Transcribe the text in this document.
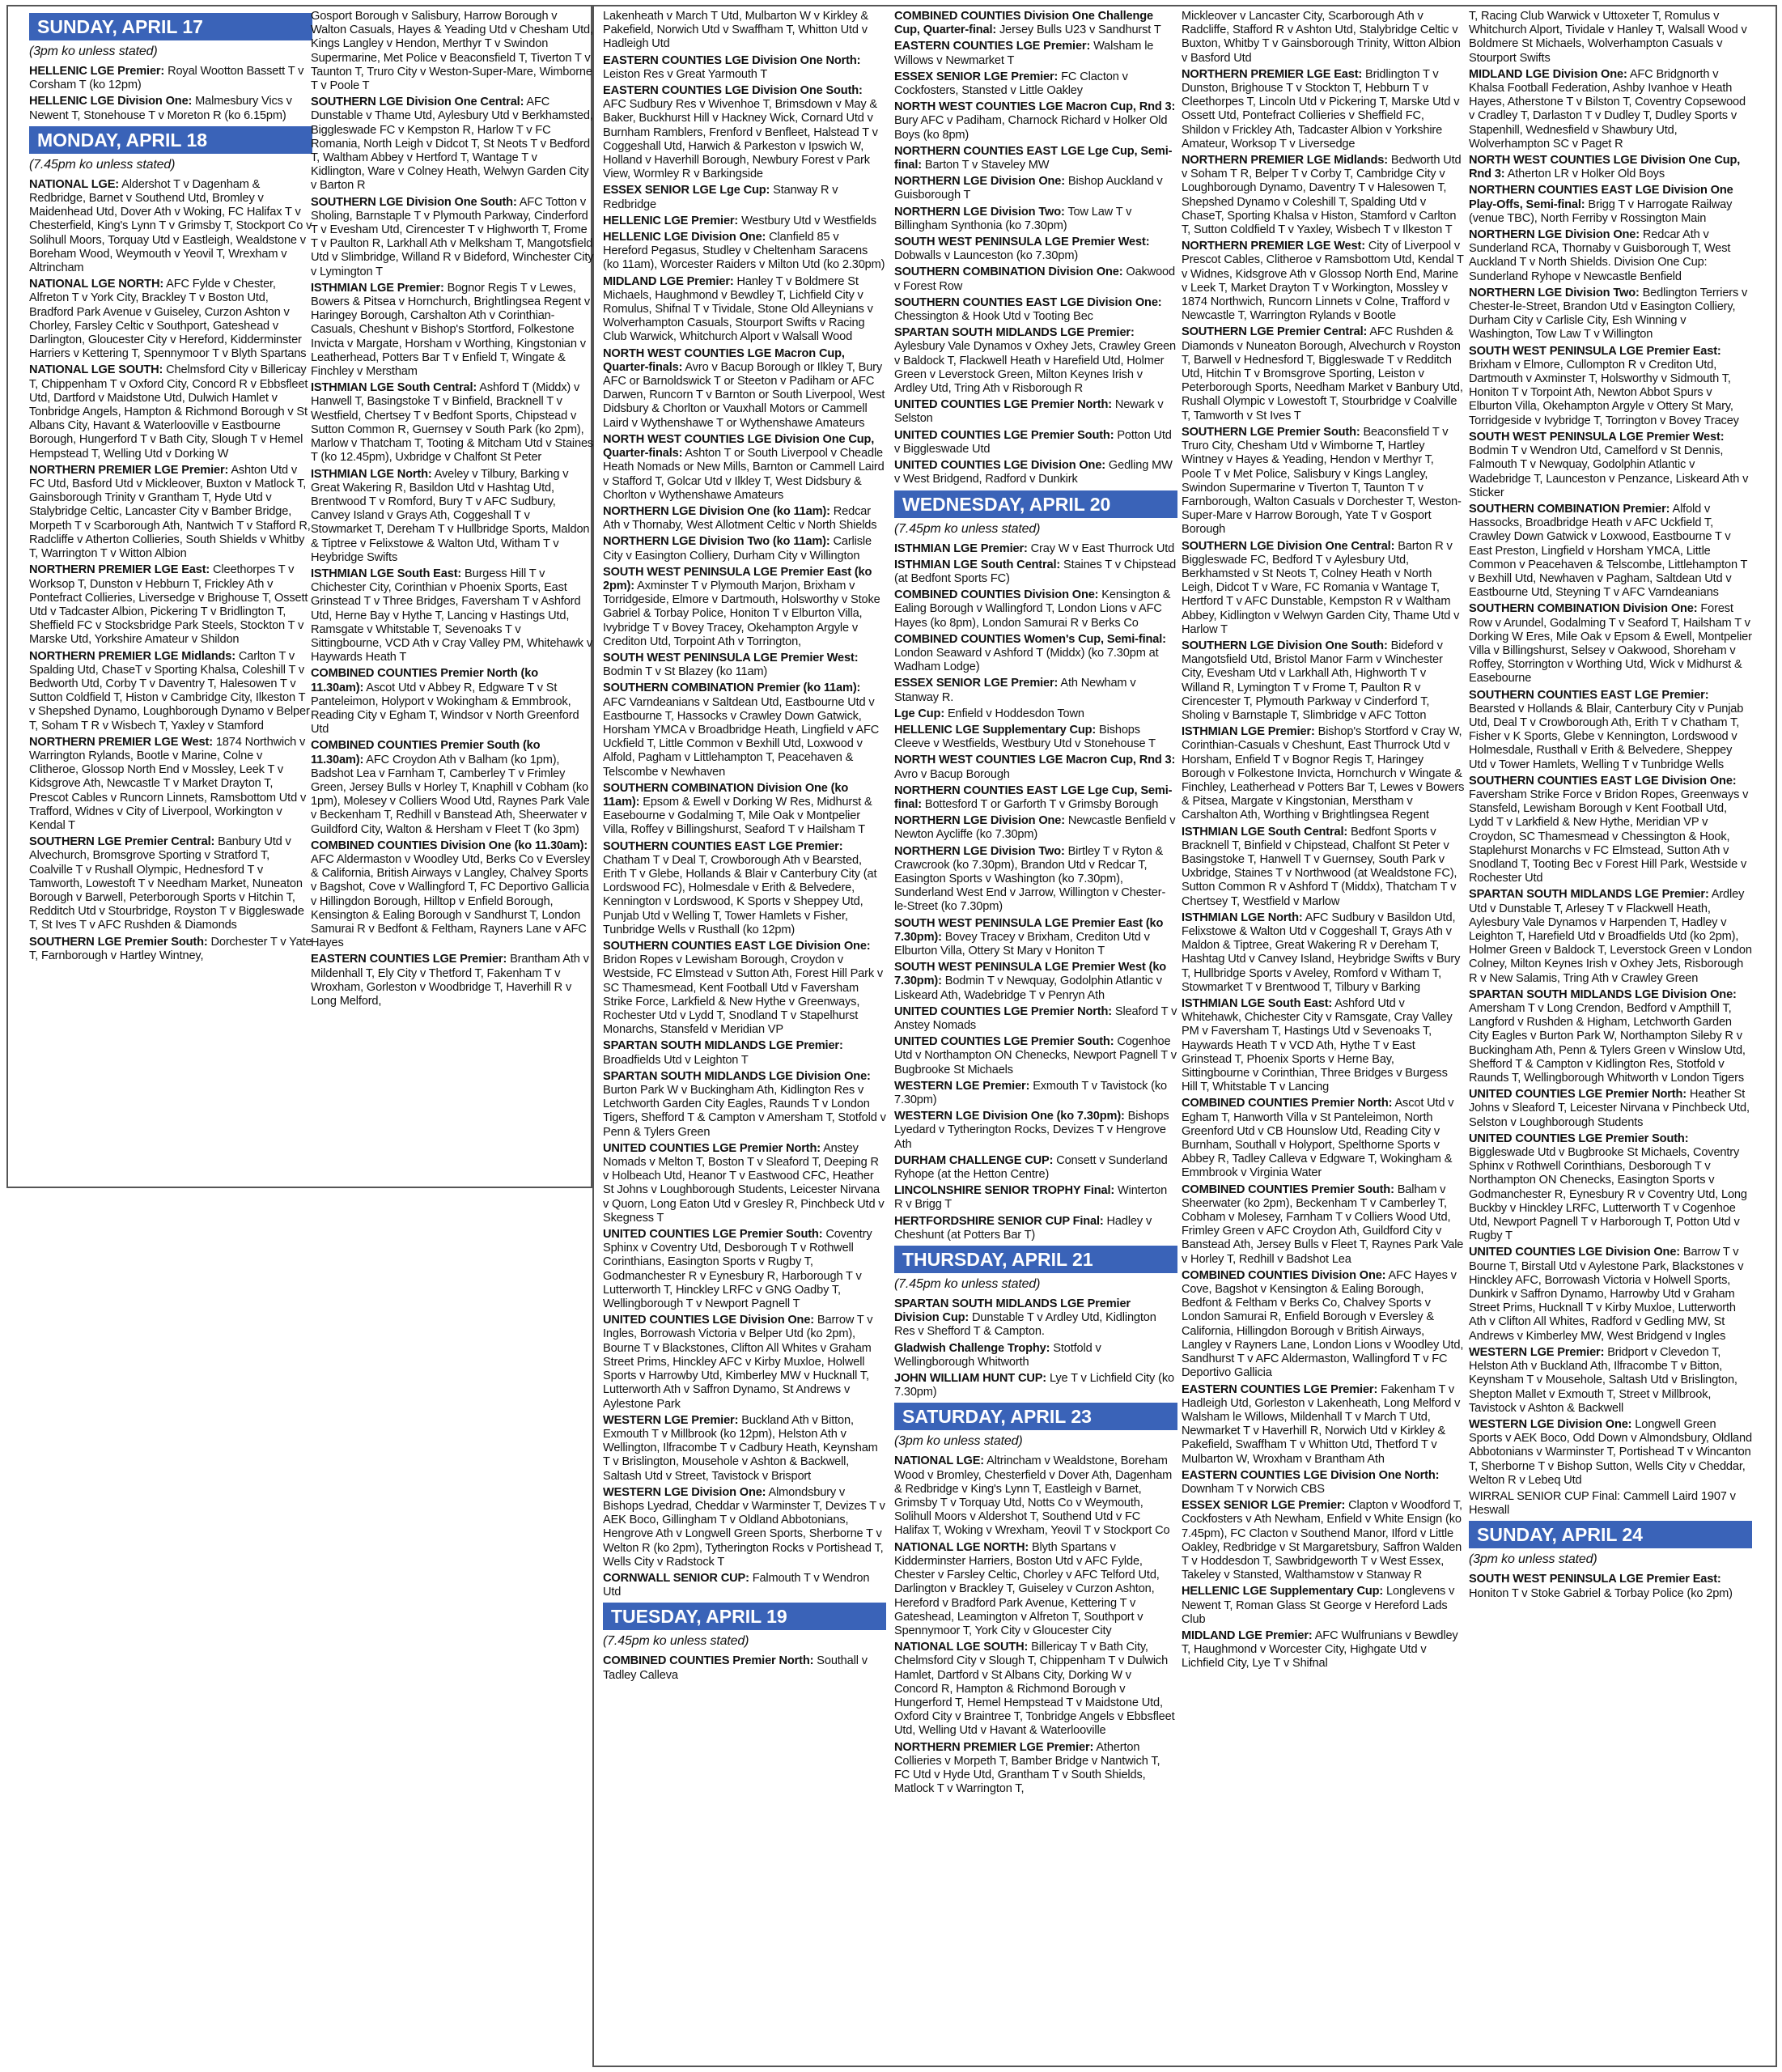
SUNDAY, APRIL 17

(3pm ko unless stated)

HELLENIC LGE Premier: Royal Wootton Bassett T v Corsham T (ko 12pm)

HELLENIC LGE Division One: Malmesbury Vics v Newent T, Stonehouse T v Moreton R (ko 6.15pm)

MONDAY, APRIL 18

(7.45pm ko unless stated)

NATIONAL LGE: Aldershot T v Dagenham & Redbridge, Barnet v Southend Utd, Bromley v Maidenhead Utd, Dover Ath v Woking, FC Halifax T v Chesterfield, King's Lynn T v Grimsby T, Stockport Co v Solihull Moors, Torquay Utd v Eastleigh, Wealdstone v Boreham Wood, Weymouth v Yeovil T, Wrexham v Altrincham

NATIONAL LGE NORTH: AFC Fylde v Chester, Alfreton T v York City, Brackley T v Boston Utd, Bradford Park Avenue v Guiseley, Curzon Ashton v Chorley, Farsley Celtic v Southport, Gateshead v Darlington, Gloucester City v Hereford, Kidderminster Harriers v Kettering T, Spennymoor T v Blyth Spartans

NATIONAL LGE SOUTH: Chelmsford City v Billericay T, Chippenham T v Oxford City, Concord R v Ebbsfleet Utd, Dartford v Maidstone Utd, Dulwich Hamlet v Tonbridge Angels, Hampton & Richmond Borough v St Albans City, Havant & Waterlooville v Eastbourne Borough, Hungerford T v Bath City, Slough T v Hemel Hempstead T, Welling Utd v Dorking W

NORTHERN PREMIER LGE Premier: Ashton Utd v FC Utd, Basford Utd v Mickleover, Buxton v Matlock T, Gainsborough Trinity v Grantham T, Hyde Utd v Stalybridge Celtic, Lancaster City v Bamber Bridge, Morpeth T v Scarborough Ath, Nantwich T v Stafford R, Radcliffe v Atherton Collieries, South Shields v Whitby T, Warrington T v Witton Albion

NORTHERN PREMIER LGE East: Cleethorpes T v Worksop T, Dunston v Hebburn T, Frickley Ath v Pontefract Collieries, Liversedge v Brighouse T, Ossett Utd v Tadcaster Albion, Pickering T v Bridlington T, Sheffield FC v Stocksbridge Park Steels, Stockton T v Marske Utd, Yorkshire Amateur v Shildon

NORTHERN PREMIER LGE Midlands: Carlton T v Spalding Utd, ChaseT v Sporting Khalsa, Coleshill T v Bedworth Utd, Corby T v Daventry T, Halesowen T v Sutton Coldfield T, Histon v Cambridge City, Ilkeston T v Shepshed Dynamo, Loughborough Dynamo v Belper T, Soham T R v Wisbech T, Yaxley v Stamford

NORTHERN PREMIER LGE West: 1874 Northwich v Warrington Rylands, Bootle v Marine, Colne v Clitheroe, Glossop North End v Mossley, Leek T v Kidsgrove Ath, Newcastle T v Market Drayton T, Prescot Cables v Runcorn Linnets, Ramsbottom Utd v Trafford, Widnes v City of Liverpool, Workington v Kendal T

SOUTHERN LGE Premier Central: Banbury Utd v Alvechurch, Bromsgrove Sporting v Stratford T, Coalville T v Rushall Olympic, Hednesford T v Tamworth, Lowestoft T v Needham Market, Nuneaton Borough v Barwell, Peterborough Sports v Hitchin T, Redditch Utd v Stourbridge, Royston T v Biggleswade T, St Ives T v AFC Rushden & Diamonds

SOUTHERN LGE Premier South: Dorchester T v Yate T, Farnborough v Hartley Wintney,

Gosport Borough v Salisbury, Harrow Borough v Walton Casuals, Hayes & Yeading Utd v Chesham Utd, Kings Langley v Hendon, Merthyr T v Swindon Supermarine, Met Police v Beaconsfield T, Tiverton T v Taunton T, Truro City v Weston-Super-Mare, Wimborne T v Poole T

SOUTHERN LGE Division One Central: AFC Dunstable v Thame Utd, Aylesbury Utd v Berkhamsted, Biggleswade FC v Kempston R, Harlow T v FC Romania, North Leigh v Didcot T, St Neots T v Bedford T, Waltham Abbey v Hertford T, Wantage T v Kidlington, Ware v Colney Heath, Welwyn Garden City v Barton R

SOUTHERN LGE Division One South: AFC Totton v Sholing, Barnstaple T v Plymouth Parkway, Cinderford T v Evesham Utd, Cirencester T v Highworth T, Frome T v Paulton R, Larkhall Ath v Melksham T, Mangotsfield Utd v Slimbridge, Willand R v Bideford, Winchester City v Lymington T

ISTHMIAN LGE Premier: Bognor Regis T v Lewes, Bowers & Pitsea v Hornchurch, Brightlingsea Regent v Haringey Borough, Carshalton Ath v Corinthian-Casuals, Cheshunt v Bishop's Stortford, Folkestone Invicta v Margate, Horsham v Worthing, Kingstonian v Leatherhead, Potters Bar T v Enfield T, Wingate & Finchley v Merstham

ISTHMIAN LGE South Central: Ashford T (Middx) v Hanwell T, Basingstoke T v Binfield, Bracknell T v Westfield, Chertsey T v Bedfont Sports, Chipstead v Sutton Common R, Guernsey v South Park (ko 2pm), Marlow v Thatcham T, Tooting & Mitcham Utd v Staines T (ko 12.45pm), Uxbridge v Chalfont St Peter

ISTHMIAN LGE North: Aveley v Tilbury, Barking v Great Wakering R, Basildon Utd v Hashtag Utd, Brentwood T v Romford, Bury T v AFC Sudbury, Canvey Island v Grays Ath, Coggeshall T v Stowmarket T, Dereham T v Hullbridge Sports, Maldon & Tiptree v Felixstowe & Walton Utd, Witham T v Heybridge Swifts

ISTHMIAN LGE South East: Burgess Hill T v Chichester City, Corinthian v Phoenix Sports, East Grinstead T v Three Bridges, Faversham T v Ashford Utd, Herne Bay v Hythe T, Lancing v Hastings Utd, Ramsgate v Whitstable T, Sevenoaks T v Sittingbourne, VCD Ath v Cray Valley PM, Whitehawk v Haywards Heath T

COMBINED COUNTIES Premier North (ko 11.30am): Ascot Utd v Abbey R, Edgware T v St Panteleimon, Holyport v Wokingham & Emmbrook, Reading City v Egham T, Windsor v North Greenford Utd

COMBINED COUNTIES Premier South (ko 11.30am): AFC Croydon Ath v Balham (ko 1pm), Badshot Lea v Farnham T, Camberley T v Frimley Green, Jersey Bulls v Horley T, Knaphill v Cobham (ko 1pm), Molesey v Colliers Wood Utd, Raynes Park Vale v Beckenham T, Redhill v Banstead Ath, Sheerwater v Guildford City, Walton & Hersham v Fleet T (ko 3pm)

COMBINED COUNTIES Division One (ko 11.30am): AFC Aldermaston v Woodley Utd, Berks Co v Eversley & California, British Airways v Langley, Chalvey Sports v Bagshot, Cove v Wallingford T, FC Deportivo Gallicia v Hillingdon Borough, Hilltop v Enfield Borough, Kensington & Ealing Borough v Sandhurst T, London Samurai R v Bedfont & Feltham, Rayners Lane v AFC Hayes

EASTERN COUNTIES LGE Premier: Brantham Ath v Mildenhall T, Ely City v Thetford T, Fakenham T v Wroxham, Gorleston v Woodbridge T, Haverhill R v Long Melford,

Lakenheath v March T Utd, Mulbarton W v Kirkley & Pakefield, Norwich Utd v Swaffham T, Whitton Utd v Hadleigh Utd

EASTERN COUNTIES LGE Division One North: Leiston Res v Great Yarmouth T

EASTERN COUNTIES LGE Division One South: AFC Sudbury Res v Wivenhoe T, Brimsdown v May & Baker, Buckhurst Hill v Hackney Wick, Cornard Utd v Burnham Ramblers, Frenford v Benfleet, Halstead T v Coggeshall Utd, Harwich & Parkeston v Ipswich W, Holland v Haverhill Borough, Newbury Forest v Park View, Wormley R v Barkingside

ESSEX SENIOR LGE Lge Cup: Stanway R v Redbridge

HELLENIC LGE Premier: Westbury Utd v Westfields

HELLENIC LGE Division One: Clanfield 85 v Hereford Pegasus, Studley v Cheltenham Saracens (ko 11am), Worcester Raiders v Milton Utd (ko 2.30pm)

MIDLAND LGE Premier: Hanley T v Boldmere St Michaels, Haughmond v Bewdley T, Lichfield City v Romulus, Shifnal T v Tividale, Stone Old Alleynians v Wolverhampton Casuals, Stourport Swifts v Racing Club Warwick, Whitchurch Alport v Walsall Wood

NORTH WEST COUNTIES LGE Macron Cup, Quarter-finals: Avro v Bacup Borough or Ilkley T, Bury AFC or Barnoldswick T or Steeton v Padiham or AFC Darwen, Runcorn T v Barnton or South Liverpool, West Didsbury & Chorlton or Vauxhall Motors or Cammell Laird v Wythenshawe T or Wythenshawe Amateurs

NORTH WEST COUNTIES LGE Division One Cup, Quarter-finals: Ashton T or South Liverpool v Cheadle Heath Nomads or New Mills, Barnton or Cammell Laird v Stafford T, Golcar Utd v Ilkley T, West Didsbury & Chorlton v Wythenshawe Amateurs

NORTHERN LGE Division One (ko 11am): Redcar Ath v Thornaby, West Allotment Celtic v North Shields

NORTHERN LGE Division Two (ko 11am): Carlisle City v Easington Colliery, Durham City v Willington

SOUTH WEST PENINSULA LGE Premier East (ko 2pm): Axminster T v Plymouth Marjon, Brixham v Torridgeside, Elmore v Dartmouth, Holsworthy v Stoke Gabriel & Torbay Police, Honiton T v Elburton Villa, Ivybridge T v Bovey Tracey, Okehampton Argyle v Crediton Utd, Torpoint Ath v Torrington,

SOUTH WEST PENINSULA LGE Premier West: Bodmin T v St Blazey (ko 11am)

SOUTHERN COMBINATION Premier (ko 11am): AFC Varndeanians v Saltdean Utd, Eastbourne Utd v Eastbourne T, Hassocks v Crawley Down Gatwick, Horsham YMCA v Broadbridge Heath, Lingfield v AFC Uckfield T, Little Common v Bexhill Utd, Loxwood v Alfold, Pagham v Littlehampton T, Peacehaven & Telscombe v Newhaven

SOUTHERN COMBINATION Division One (ko 11am): Epsom & Ewell v Dorking W Res, Midhurst & Easebourne v Godalming T, Mile Oak v Montpelier Villa, Roffey v Billingshurst, Seaford T v Hailsham T

SOUTHERN COUNTIES EAST LGE Premier: Chatham T v Deal T, Crowborough Ath v Bearsted, Erith T v Glebe, Hollands & Blair v Canterbury City (at Lordswood FC), Holmesdale v Erith & Belvedere, Kennington v Lordswood, K Sports v Sheppey Utd, Punjab Utd v Welling T, Tower Hamlets v Fisher, Tunbridge Wells v Rusthall (ko 12pm)

SOUTHERN COUNTIES EAST LGE Division One: Bridon Ropes v Lewisham Borough, Croydon v Westside, FC Elmstead v Sutton Ath, Forest Hill Park v SC Thamesmead, Kent Football Utd v Faversham Strike Force, Larkfield & New Hythe v Greenways, Rochester Utd v Lydd T, Snodland T v Stapelhurst Monarchs, Stansfeld v Meridian VP

SPARTAN SOUTH MIDLANDS LGE Premier: Broadfields Utd v Leighton T

SPARTAN SOUTH MIDLANDS LGE Division One: Burton Park W v Buckingham Ath, Kidlington Res v Letchworth Garden City Eagles, Raunds T v London Tigers, Shefford T & Campton v Amersham T, Stotfold v Penn & Tylers Green

UNITED COUNTIES LGE Premier North: Anstey Nomads v Melton T, Boston T v Sleaford T, Deeping R v Holbeach Utd, Heanor T v Eastwood CFC, Heather St Johns v Loughborough Students, Leicester Nirvana v Quorn, Long Eaton Utd v Gresley R, Pinchbeck Utd v Skegness T

UNITED COUNTIES LGE Premier South: Coventry Sphinx v Coventry Utd, Desborough T v Rothwell Corinthians, Easington Sports v Rugby T, Godmanchester R v Eynesbury R, Harborough T v Lutterworth T, Hinckley LRFC v GNG Oadby T, Wellingborough T v Newport Pagnell T

UNITED COUNTIES LGE Division One: Barrow T v Ingles, Borrowash Victoria v Belper Utd (ko 2pm), Bourne T v Blackstones, Clifton All Whites v Graham Street Prims, Hinckley AFC v Kirby Muxloe, Holwell Sports v Harrowby Utd, Kimberley MW v Hucknall T, Lutterworth Ath v Saffron Dynamo, St Andrews v Aylestone Park

WESTERN LGE Premier: Buckland Ath v Bitton, Exmouth T v Millbrook (ko 12pm), Helston Ath v Wellington, Ilfracombe T v Cadbury Heath, Keynsham T v Brislington, Mousehole v Ashton & Backwell, Saltash Utd v Street, Tavistock v Brisport

WESTERN LGE Division One: Almondsbury v Bishops Lyedrad, Cheddar v Warminster T, Devizes T v AEK Boco, Gillingham T v Oldland Abbotonians, Hengrove Ath v Longwell Green Sports, Sherborne T v Welton R (ko 2pm), Tytherington Rocks v Portishead T, Wells City v Radstock T

CORNWALL SENIOR CUP: Falmouth T v Wendron Utd

TUESDAY, APRIL 19

(7.45pm ko unless stated)

COMBINED COUNTIES Premier North: Southall v Tadley Calleva

COMBINED COUNTIES Division One Challenge Cup, Quarter-final: Jersey Bulls U23 v Sandhurst T

EASTERN COUNTIES LGE Premier: Walsham le Willows v Newmarket T

ESSEX SENIOR LGE Premier: FC Clacton v Cockfosters, Stansted v Little Oakley

NORTH WEST COUNTIES LGE Macron Cup, Rnd 3: Bury AFC v Padiham, Charnock Richard v Holker Old Boys (ko 8pm)

NORTHERN COUNTIES EAST LGE Lge Cup, Semi-final: Barton T v Staveley MW

NORTHERN LGE Division One: Bishop Auckland v Guisborough T

NORTHERN LGE Division Two: Tow Law T v Billingham Synthonia (ko 7.30pm)

SOUTH WEST PENINSULA LGE Premier West: Dobwalls v Launceston (ko 7.30pm)

SOUTHERN COMBINATION Division One: Oakwood v Forest Row

SOUTHERN COUNTIES EAST LGE Division One: Chessington & Hook Utd v Tooting Bec

SPARTAN SOUTH MIDLANDS LGE Premier: Aylesbury Vale Dynamos v Oxhey Jets, Crawley Green v Baldock T, Flackwell Heath v Harefield Utd, Holmer Green v Leverstock Green, Milton Keynes Irish v Ardley Utd, Tring Ath v Risborough R

UNITED COUNTIES LGE Premier North: Newark v Selston

UNITED COUNTIES LGE Premier South: Potton Utd v Biggleswade Utd

UNITED COUNTIES LGE Division One: Gedling MW v West Bridgend, Radford v Dunkirk

WEDNESDAY, APRIL 20

(7.45pm ko unless stated)

ISTHMIAN LGE Premier: Cray W v East Thurrock Utd

ISTHMIAN LGE South Central: Staines T v Chipstead (at Bedfont Sports FC)

COMBINED COUNTIES Division One: Kensington & Ealing Borough v Wallingford T, London Lions v AFC Hayes (ko 8pm), London Samurai R v Berks Co

COMBINED COUNTIES Women's Cup, Semi-final: London Seaward v Ashford T (Middx) (ko 7.30pm at Wadham Lodge)

ESSEX SENIOR LGE Premier: Ath Newham v Stanway R.

Lge Cup: Enfield v Hoddesdon Town

HELLENIC LGE Supplementary Cup: Bishops Cleeve v Westfields, Westbury Utd v Stonehouse T

NORTH WEST COUNTIES LGE Macron Cup, Rnd 3: Avro v Bacup Borough

NORTHERN COUNTIES EAST LGE Lge Cup, Semi-final: Bottesford T or Garforth T v Grimsby Borough

NORTHERN LGE Division One: Newcastle Benfield v Newton Aycliffe (ko 7.30pm)

NORTHERN LGE Division Two: Birtley T v Ryton & Crawcrook (ko 7.30pm), Brandon Utd v Redcar T, Easington Sports v Washington (ko 7.30pm), Sunderland West End v Jarrow, Willington v Chester-le-Street (ko 7.30pm)

SOUTH WEST PENINSULA LGE Premier East (ko 7.30pm): Bovey Tracey v Brixham, Crediton Utd v Elburton Villa, Ottery St Mary v Honiton T

SOUTH WEST PENINSULA LGE Premier West (ko 7.30pm): Bodmin T v Newquay, Godolphin Atlantic v Liskeard Ath, Wadebridge T v Penryn Ath

UNITED COUNTIES LGE Premier North: Sleaford T v Anstey Nomads

UNITED COUNTIES LGE Premier South: Cogenhoe Utd v Northampton ON Chenecks, Newport Pagnell T v Bugbrooke St Michaels

WESTERN LGE Premier: Exmouth T v Tavistock (ko 7.30pm)

WESTERN LGE Division One (ko 7.30pm): Bishops Lyedard v Tytherington Rocks, Devizes T v Hengrove Ath

DURHAM CHALLENGE CUP: Consett v Sunderland Ryhope (at the Hetton Centre)

LINCOLNSHIRE SENIOR TROPHY Final: Winterton R v Brigg T

HERTFORDSHIRE SENIOR CUP Final: Hadley v Cheshunt (at Potters Bar T)

THURSDAY, APRIL 21

(7.45pm ko unless stated)

SPARTAN SOUTH MIDLANDS LGE Premier Division Cup: Dunstable T v Ardley Utd, Kidlington Res v Shefford T & Campton.

Gladwish Challenge Trophy: Stotfold v Wellingborough Whitworth

JOHN WILLIAM HUNT CUP: Lye T v Lichfield City (ko 7.30pm)

SATURDAY, APRIL 23

(3pm ko unless stated)

NATIONAL LGE: Altrincham v Wealdstone, Boreham Wood v Bromley, Chesterfield v Dover Ath, Dagenham & Redbridge v King's Lynn T, Eastleigh v Barnet, Grimsby T v Torquay Utd, Notts Co v Weymouth, Solihull Moors v Aldershot T, Southend Utd v FC Halifax T, Woking v Wrexham, Yeovil T v Stockport Co

NATIONAL LGE NORTH: Blyth Spartans v Kidderminster Harriers, Boston Utd v AFC Fylde, Chester v Farsley Celtic, Chorley v AFC Telford Utd, Darlington v Brackley T, Guiseley v Curzon Ashton, Hereford v Bradford Park Avenue, Kettering T v Gateshead, Leamington v Alfreton T, Southport v Spennymoor T, York City v Gloucester City

NATIONAL LGE SOUTH: Billericay T v Bath City, Chelmsford City v Slough T, Chippenham T v Dulwich Hamlet, Dartford v St Albans City, Dorking W v Concord R, Hampton & Richmond Borough v Hungerford T, Hemel Hempstead T v Maidstone Utd, Oxford City v Braintree T, Tonbridge Angels v Ebbsfleet Utd, Welling Utd v Havant & Waterlooville

NORTHERN PREMIER LGE Premier: Atherton Collieries v Morpeth T, Bamber Bridge v Nantwich T, FC Utd v Hyde Utd, Grantham T v South Shields, Matlock T v Warrington T,

Mickleover v Lancaster City, Scarborough Ath v Radcliffe, Stafford R v Ashton Utd, Stalybridge Celtic v Buxton, Whitby T v Gainsborough Trinity, Witton Albion v Basford Utd

NORTHERN PREMIER LGE East: Bridlington T v Dunston, Brighouse T v Stockton T, Hebburn T v Cleethorpes T, Lincoln Utd v Pickering T, Marske Utd v Ossett Utd, Pontefract Collieries v Sheffield FC, Shildon v Frickley Ath, Tadcaster Albion v Yorkshire Amateur, Worksop T v Liversedge

NORTHERN PREMIER LGE Midlands: Bedworth Utd v Soham T R, Belper T v Corby T, Cambridge City v Loughborough Dynamo, Daventry T v Halesowen T, Shepshed Dynamo v Coleshill T, Spalding Utd v ChaseT, Sporting Khalsa v Histon, Stamford v Carlton T, Sutton Coldfield T v Yaxley, Wisbech T v Ilkeston T

NORTHERN PREMIER LGE West: City of Liverpool v Prescot Cables, Clitheroe v Ramsbottom Utd, Kendal T v Widnes, Kidsgrove Ath v Glossop North End, Marine v Leek T, Market Drayton T v Workington, Mossley v 1874 Northwich, Runcorn Linnets v Colne, Trafford v Newcastle T, Warrington Rylands v Bootle

SOUTHERN LGE Premier Central: AFC Rushden & Diamonds v Nuneaton Borough, Alvechurch v Royston T, Barwell v Hednesford T, Biggleswade T v Redditch Utd, Hitchin T v Bromsgrove Sporting, Leiston v Peterborough Sports, Needham Market v Banbury Utd, Rushall Olympic v Lowestoft T, Stourbridge v Coalville T, Tamworth v St Ives T

SOUTHERN LGE Premier South: Beaconsfield T v Truro City, Chesham Utd v Wimborne T, Hartley Wintney v Hayes & Yeading, Hendon v Merthyr T, Poole T v Met Police, Salisbury v Kings Langley, Swindon Supermarine v Tiverton T, Taunton T v Farnborough, Walton Casuals v Dorchester T, Weston-Super-Mare v Harrow Borough, Yate T v Gosport Borough

SOUTHERN LGE Division One Central: Barton R v Biggleswade FC, Bedford T v Aylesbury Utd, Berkhamsted v St Neots T, Colney Heath v North Leigh, Didcot T v Ware, FC Romania v Wantage T, Hertford T v AFC Dunstable, Kempston R v Waltham Abbey, Kidlington v Welwyn Garden City, Thame Utd v Harlow T

SOUTHERN LGE Division One South: Bideford v Mangotsfield Utd, Bristol Manor Farm v Winchester City, Evesham Utd v Larkhall Ath, Highworth T v Willand R, Lymington T v Frome T, Paulton R v Cirencester T, Plymouth Parkway v Cinderford T, Sholing v Barnstaple T, Slimbridge v AFC Totton

ISTHMIAN LGE Premier: Bishop's Stortford v Cray W, Corinthian-Casuals v Cheshunt, East Thurrock Utd v Horsham, Enfield T v Bognor Regis T, Haringey Borough v Folkestone Invicta, Hornchurch v Wingate & Finchley, Leatherhead v Potters Bar T, Lewes v Bowers & Pitsea, Margate v Kingstonian, Merstham v Carshalton Ath, Worthing v Brightlingsea Regent

ISTHMIAN LGE South Central: Bedfont Sports v Bracknell T, Binfield v Chipstead, Chalfont St Peter v Basingstoke T, Hanwell T v Guernsey, South Park v Uxbridge, Staines T v Northwood (at Wealdstone FC), Sutton Common R v Ashford T (Middx), Thatcham T v Chertsey T, Westfield v Marlow

ISTHMIAN LGE North: AFC Sudbury v Basildon Utd, Felixstowe & Walton Utd v Coggeshall T, Grays Ath v Maldon & Tiptree, Great Wakering R v Dereham T, Hashtag Utd v Canvey Island, Heybridge Swifts v Bury T, Hullbridge Sports v Aveley, Romford v Witham T, Stowmarket T v Brentwood T, Tilbury v Barking

ISTHMIAN LGE South East: Ashford Utd v Whitehawk, Chichester City v Ramsgate, Cray Valley PM v Faversham T, Hastings Utd v Sevenoaks T, Haywards Heath T v VCD Ath, Hythe T v East Grinstead T, Phoenix Sports v Herne Bay, Sittingbourne v Corinthian, Three Bridges v Burgess Hill T, Whitstable T v Lancing

COMBINED COUNTIES Premier North: Ascot Utd v Egham T, Hanworth Villa v St Panteleimon, North Greenford Utd v CB Hounslow Utd, Reading City v Burnham, Southall v Holyport, Spelthorne Sports v Abbey R, Tadley Calleva v Edgware T, Wokingham & Emmbrook v Virginia Water

COMBINED COUNTIES Premier South: Balham v Sheerwater (ko 2pm), Beckenham T v Camberley T, Cobham v Molesey, Farnham T v Colliers Wood Utd, Frimley Green v AFC Croydon Ath, Guildford City v Banstead Ath, Jersey Bulls v Fleet T, Raynes Park Vale v Horley T, Redhill v Badshot Lea

COMBINED COUNTIES Division One: AFC Hayes v Cove, Bagshot v Kensington & Ealing Borough, Bedfont & Feltham v Berks Co, Chalvey Sports v London Samurai R, Enfield Borough v Eversley & California, Hillingdon Borough v British Airways, Langley v Rayners Lane, London Lions v Woodley Utd, Sandhurst T v AFC Aldermaston, Wallingford T v FC Deportivo Gallicia

EASTERN COUNTIES LGE Premier: Fakenham T v Hadleigh Utd, Gorleston v Lakenheath, Long Melford v Walsham le Willows, Mildenhall T v March T Utd, Newmarket T v Haverhill R, Norwich Utd v Kirkley & Pakefield, Swaffham T v Whitton Utd, Thetford T v Mulbarton W, Wroxham v Brantham Ath

EASTERN COUNTIES LGE Division One North: Downham T v Norwich CBS

ESSEX SENIOR LGE Premier: Clapton v Woodford T, Cockfosters v Ath Newham, Enfield v White Ensign (ko 7.45pm), FC Clacton v Southend Manor, Ilford v Little Oakley, Redbridge v St Margaretsbury, Saffron Walden T v Hoddesdon T, Sawbridgeworth T v West Essex, Takeley v Stansted, Walthamstow v Stanway R

HELLENIC LGE Supplementary Cup: Longlevens v Newent T, Roman Glass St George v Hereford Lads Club

MIDLAND LGE Premier: AFC Wulfrunians v Bewdley T, Haughmond v Worcester City, Highgate Utd v Lichfield City, Lye T v Shifnal

T, Racing Club Warwick v Uttoxeter T, Romulus v Whitchurch Alport, Tividale v Hanley T, Walsall Wood v Boldmere St Michaels, Wolverhampton Casuals v Stourport Swifts

MIDLAND LGE Division One: AFC Bridgnorth v Khalsa Football Federation, Ashby Ivanhoe v Heath Hayes, Atherstone T v Bilston T, Coventry Copsewood v Cradley T, Darlaston T v Dudley T, Dudley Sports v Stapenhill, Wednesfield v Shawbury Utd, Wolverhampton SC v Paget R

NORTH WEST COUNTIES LGE Division One Cup, Rnd 3: Atherton LR v Holker Old Boys

NORTHERN COUNTIES EAST LGE Division One Play-Offs, Semi-final: Brigg T v Harrogate Railway (venue TBC), North Ferriby v Rossington Main

NORTHERN LGE Division One: Redcar Ath v Sunderland RCA, Thornaby v Guisborough T, West Auckland T v North Shields. Division One Cup: Sunderland Ryhope v Newcastle Benfield

NORTHERN LGE Division Two: Bedlington Terriers v Chester-le-Street, Brandon Utd v Easington Colliery, Durham City v Carlisle City, Esh Winning v Washington, Tow Law T v Willington

SOUTH WEST PENINSULA LGE Premier East: Brixham v Elmore, Cullompton R v Crediton Utd, Dartmouth v Axminster T, Holsworthy v Sidmouth T, Honiton T v Torpoint Ath, Newton Abbot Spurs v Elburton Villa, Okehampton Argyle v Ottery St Mary, Torridgeside v Ivybridge T, Torrington v Bovey Tracey

SOUTH WEST PENINSULA LGE Premier West: Bodmin T v Wendron Utd, Camelford v St Dennis, Falmouth T v Newquay, Godolphin Atlantic v Wadebridge T, Launceston v Penzance, Liskeard Ath v Sticker

SOUTHERN COMBINATION Premier: Alfold v Hassocks, Broadbridge Heath v AFC Uckfield T, Crawley Down Gatwick v Loxwood, Eastbourne T v East Preston, Lingfield v Horsham YMCA, Little Common v Peacehaven & Telscombe, Littlehampton T v Bexhill Utd, Newhaven v Pagham, Saltdean Utd v Eastbourne Utd, Steyning T v AFC Varndeanians

SOUTHERN COMBINATION Division One: Forest Row v Arundel, Godalming T v Seaford T, Hailsham T v Dorking W Eres, Mile Oak v Epsom & Ewell, Montpelier Villa v Billingshurst, Selsey v Oakwood, Shoreham v Roffey, Storrington v Worthing Utd, Wick v Midhurst & Easebourne

SOUTHERN COUNTIES EAST LGE Premier: Bearsted v Hollands & Blair, Canterbury City v Punjab Utd, Deal T v Crowborough Ath, Erith T v Chatham T, Fisher v K Sports, Glebe v Kennington, Lordswood v Holmesdale, Rusthall v Erith & Belvedere, Sheppey Utd v Tower Hamlets, Welling T v Tunbridge Wells

SOUTHERN COUNTIES EAST LGE Division One: Faversham Strike Force v Bridon Ropes, Greenways v Stansfeld, Lewisham Borough v Kent Football Utd, Lydd T v Larkfield & New Hythe, Meridian VP v Croydon, SC Thamesmead v Chessington & Hook, Staplehurst Monarchs v FC Elmstead, Sutton Ath v Snodland T, Tooting Bec v Forest Hill Park, Westside v Rochester Utd

SPARTAN SOUTH MIDLANDS LGE Premier: Ardley Utd v Dunstable T, Arlesey T v Flackwell Heath, Aylesbury Vale Dynamos v Harpenden T, Hadley v Leighton T, Harefield Utd v Broadfields Utd (ko 2pm), Holmer Green v Baldock T, Leverstock Green v London Colney, Milton Keynes Irish v Oxhey Jets, Risborough R v New Salamis, Tring Ath v Crawley Green

SPARTAN SOUTH MIDLANDS LGE Division One: Amersham T v Long Crendon, Bedford v Ampthill T, Langford v Rushden & Higham, Letchworth Garden City Eagles v Burton Park W, Northampton Sileby R v Buckingham Ath, Penn & Tylers Green v Winslow Utd, Shefford T & Campton v Kidlington Res, Stotfold v Raunds T, Wellingborough Whitworth v London Tigers

UNITED COUNTIES LGE Premier North: Heather St Johns v Sleaford T, Leicester Nirvana v Pinchbeck Utd, Selston v Loughborough Students

UNITED COUNTIES LGE Premier South: Biggleswade Utd v Bugbrooke St Michaels, Coventry Sphinx v Rothwell Corinthians, Desborough T v Northampton ON Chenecks, Easington Sports v Godmanchester R, Eynesbury R v Coventry Utd, Long Buckby v Hinckley LRFC, Lutterworth T v Cogenhoe Utd, Newport Pagnell T v Harborough T, Potton Utd v Rugby T

UNITED COUNTIES LGE Division One: Barrow T v Bourne T, Birstall Utd v Aylestone Park, Blackstones v Hinckley AFC, Borrowash Victoria v Holwell Sports, Dunkirk v Saffron Dynamo, Harrowby Utd v Graham Street Prims, Hucknall T v Kirby Muxloe, Lutterworth Ath v Clifton All Whites, Radford v Gedling MW, St Andrews v Kimberley MW, West Bridgend v Ingles

WESTERN LGE Premier: Bridport v Clevedon T, Helston Ath v Buckland Ath, Ilfracombe T v Bitton, Keynsham T v Mousehole, Saltash Utd v Brislington, Shepton Mallet v Exmouth T, Street v Millbrook, Tavistock v Ashton & Backwell

WESTERN LGE Division One: Longwell Green Sports v AEK Boco, Odd Down v Almondsbury, Oldland Abbotonians v Warminster T, Portishead T v Wincanton T, Sherborne T v Bishop Sutton, Wells City v Cheddar, Welton R v Lebeq Utd

WIRRAL SENIOR CUP Final: Cammell Laird 1907 v Heswall

SUNDAY, APRIL 24

(3pm ko unless stated)

SOUTH WEST PENINSULA LGE Premier East: Honiton T v Stoke Gabriel & Torbay Police (ko 2pm)
